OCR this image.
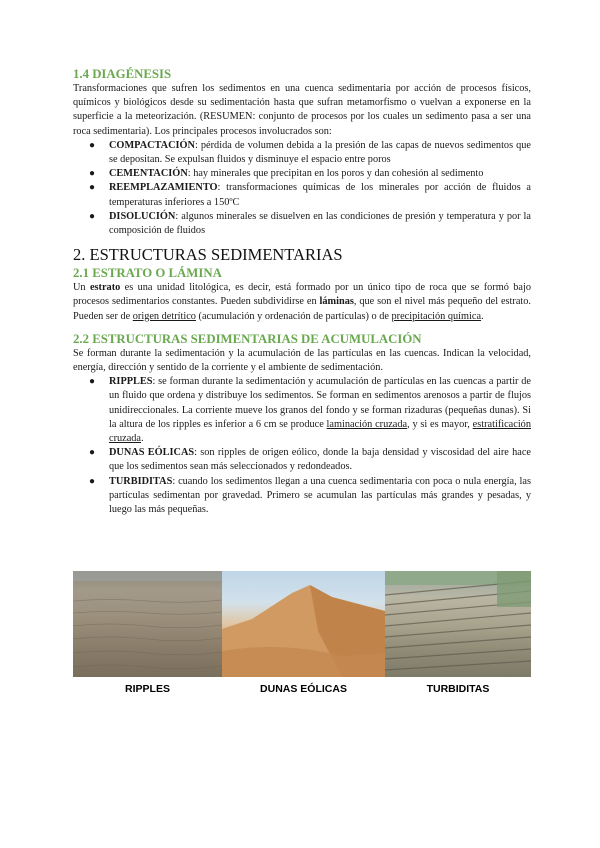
1.4 DIAGÉNESIS

Transformaciones que sufren los sedimentos en una cuenca sedimentaria por acción de procesos físicos, químicos y biológicos desde su sedimentación hasta que sufran metamorfismo o vuelvan a exponerse en la superficie a la meteorización. (RESUMEN: conjunto de procesos por los cuales un sedimento pasa a ser una roca sedimentaria). Los principales procesos involucrados son:

● COMPACTACIÓN: pérdida de volumen debida a la presión de las capas de nuevos sedimentos que se depositan. Se expulsan fluidos y disminuye el espacio entre poros
● CEMENTACIÓN: hay minerales que precipitan en los poros y dan cohesión al sedimento
● REEMPLAZAMIENTO: transformaciones químicas de los minerales por acción de fluidos a temperaturas inferiores a 150ºC
● DISOLUCIÓN: algunos minerales se disuelven en las condiciones de presión y temperatura y por la composición de fluidos
2. ESTRUCTURAS SEDIMENTARIAS
2.1 ESTRATO O LÁMINA

Un estrato es una unidad litológica, es decir, está formado por un único tipo de roca que se formó bajo procesos sedimentarios constantes. Pueden subdividirse en láminas, que son el nivel más pequeño del estrato. Pueden ser de origen detrítico (acumulación y ordenación de partículas) o de precipitación química.

2.2 ESTRUCTURAS SEDIMENTARIAS DE ACUMULACIÓN

Se forman durante la sedimentación y la acumulación de las partículas en las cuencas. Indican la velocidad, energía, dirección y sentido de la corriente y el ambiente de sedimentación.

● RIPPLES: se forman durante la sedimentación y acumulación de partículas en las cuencas a partir de un fluido que ordena y distribuye los sedimentos. Se forman en sedimentos arenosos a partir de flujos unidireccionales. La corriente mueve los granos del fondo y se forman rizaduras (pequeñas dunas). Si la altura de los ripples es inferior a 6 cm se produce laminación cruzada, y si es mayor, estratificación cruzada.
● DUNAS EÓLICAS: son ripples de origen eólico, donde la baja densidad y viscosidad del aire hace que los sedimentos sean más seleccionados y redondeados.
● TURBIDITAS: cuando los sedimentos llegan a una cuenca sedimentaria con poca o nula energía, las partículas sedimentan por gravedad. Primero se acumulan las partículas más grandes y pesadas, y luego las más pequeñas.
RIPPLES	DUNAS EÓLICAS	TURBIDITAS
